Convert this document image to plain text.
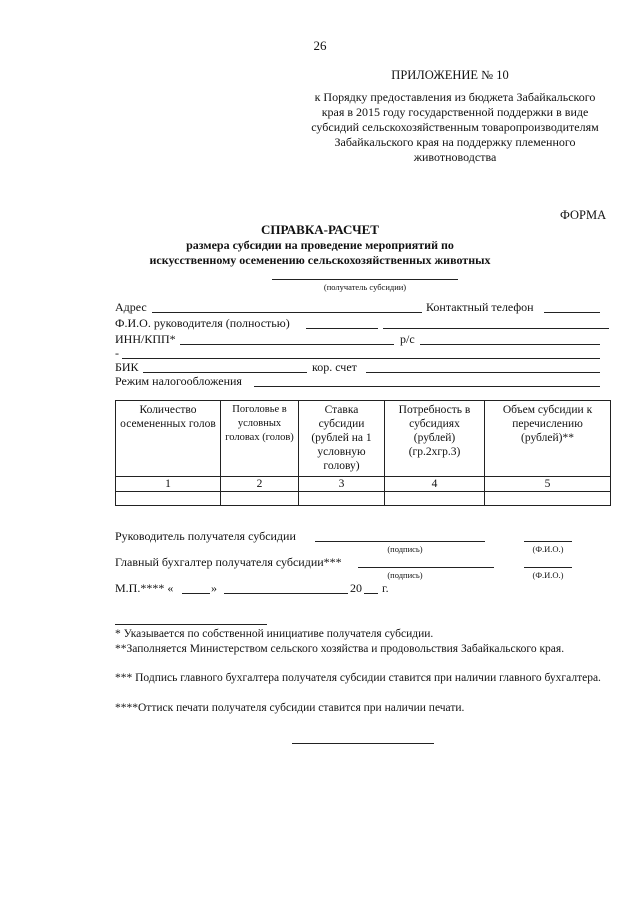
26
ПРИЛОЖЕНИЕ № 10
к Порядку предоставления из бюджета Забайкальского
края в 2015 году государственной поддержки в виде
субсидий сельскохозяйственным товаропроизводителям
Забайкальского края на поддержку племенного
животноводства
ФОРМА
СПРАВКА-РАСЧЕТ
размера субсидии на проведение мероприятий по
искусственному осеменению сельскохозяйственных животных
(получатель субсидии)
Адрес	Контактный телефон
Ф.И.О. руководителя (полностью)
ИНН/КПП*	р/с
-
БИК	кор. счет
Режим налогообложения
Количество осемененных голов	Поголовье в условных головах (голов)	Ставка субсидии (рублей на 1 условную голову)	Потребность в субсидиях (рублей) (гр.2хгр.3)	Объем субсидии к перечислению (рублей)**
1	2	3	4	5

Руководитель получателя субсидии
(подпись)	(Ф.И.О.)
Главный бухгалтер получателя субсидии***
(подпись)	(Ф.И.О.)
М.П.**** «	»	20 г.
* Указывается по собственной инициативе получателя субсидии.
**Заполняется Министерством сельского хозяйства и продовольствия Забайкальского края.
*** Подпись главного бухгалтера получателя субсидии ставится при наличии главного бухгалтера.
****Оттиск печати получателя субсидии ставится при наличии печати.
